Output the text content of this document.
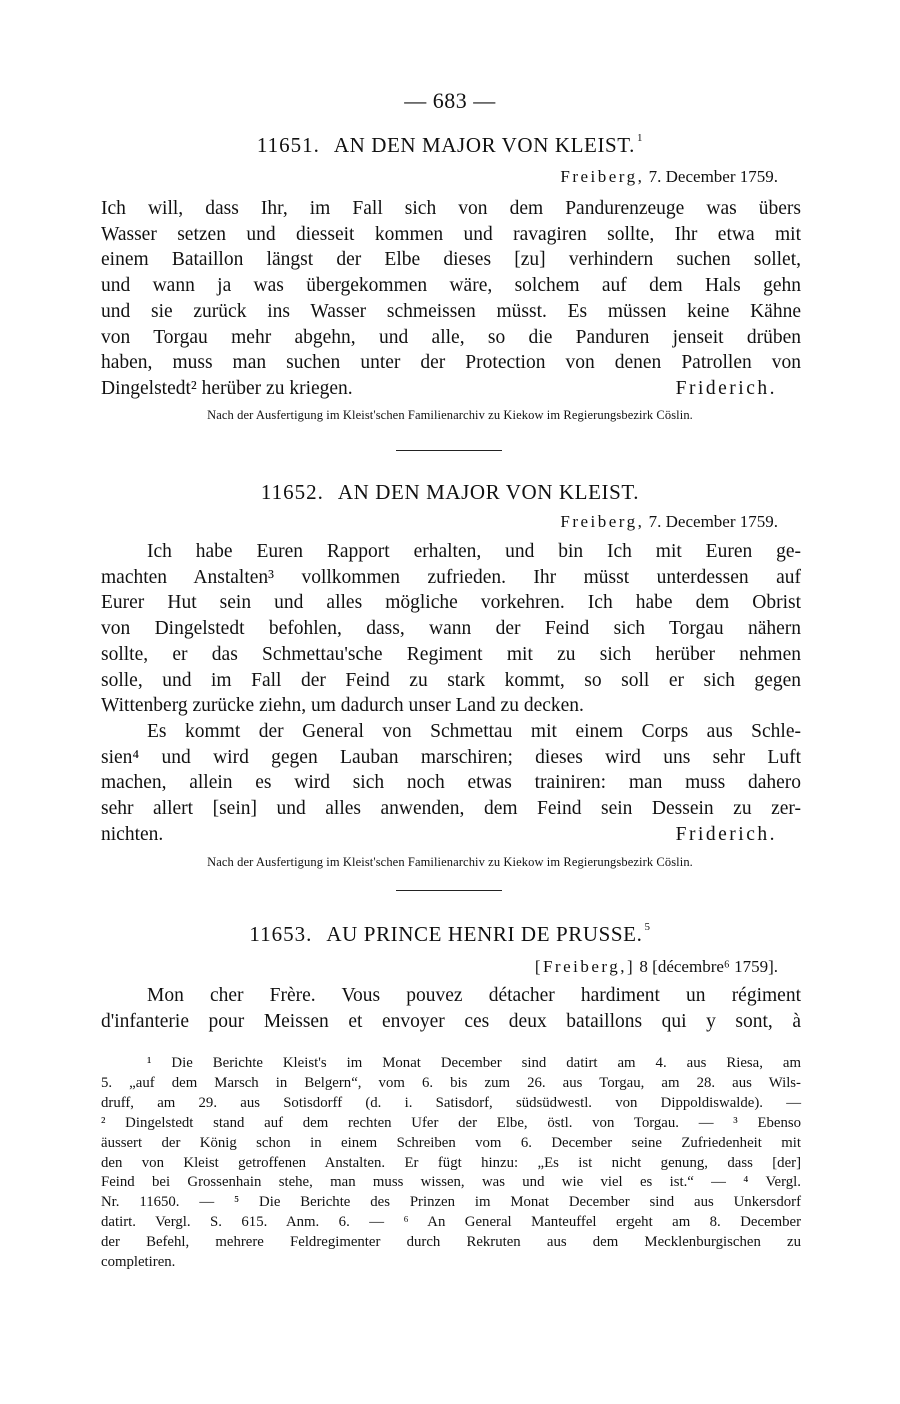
— 683 —
11651. AN DEN MAJOR VON KLEIST. $^1$
Freiberg, 7. December 1759.
Ich will, dass Ihr, im Fall sich von dem Pandurenzeuge was übers
Wasser setzen und diesseit kommen und ravagiren sollte, Ihr etwa mit
einem Bataillon längst der Elbe dieses [zu] verhindern suchen sollet,
und wann ja was übergekommen wäre, solchem auf dem Hals gehn
und sie zurück ins Wasser schmeissen müsst. Es müssen keine Kähne
von Torgau mehr abgehn, und alle, so die Panduren jenseit drüben
haben, muss man suchen unter der Protection von denen Patrollen von
Dingelstedt² herüber zu kriegen.	Friderich.
Nach der Ausfertigung im Kleist'schen Familienarchiv zu Kiekow im Regierungsbezirk Cöslin.
11652. AN DEN MAJOR VON KLEIST.
Freiberg, 7. December 1759.
Ich habe Euren Rapport erhalten, und bin Ich mit Euren ge-
machten Anstalten³ vollkommen zufrieden. Ihr müsst unterdessen auf
Eurer Hut sein und alles mögliche vorkehren. Ich habe dem Obrist
von Dingelstedt befohlen, dass, wann der Feind sich Torgau nähern
sollte, er das Schmettau'sche Regiment mit zu sich herüber nehmen
solle, und im Fall der Feind zu stark kommt, so soll er sich gegen
Wittenberg zurücke ziehn, um dadurch unser Land zu decken.
Es kommt der General von Schmettau mit einem Corps aus Schle-
sien⁴ und wird gegen Lauban marschiren; dieses wird uns sehr Luft
machen, allein es wird sich noch etwas trainiren: man muss dahero
sehr allert [sein] und alles anwenden, dem Feind sein Dessein zu zer-
nichten.	Friderich.
Nach der Ausfertigung im Kleist'schen Familienarchiv zu Kiekow im Regierungsbezirk Cöslin.
11653. AU PRINCE HENRI DE PRUSSE. $^5$
[Freiberg,] 8 [décembre⁶ 1759].
Mon cher Frère. Vous pouvez détacher hardiment un régiment
d'infanterie pour Meissen et envoyer ces deux bataillons qui y sont, à
¹ Die Berichte Kleist's im Monat December sind datirt am 4. aus Riesa, am
5. „auf dem Marsch in Belgern“, vom 6. bis zum 26. aus Torgau, am 28. aus Wils-
druff, am 29. aus Sotisdorff (d. i. Satisdorf, südsüdwestl. von Dippoldiswalde). —
² Dingelstedt stand auf dem rechten Ufer der Elbe, östl. von Torgau. — ³ Ebenso
äussert der König schon in einem Schreiben vom 6. December seine Zufriedenheit mit
den von Kleist getroffenen Anstalten. Er fügt hinzu: „Es ist nicht genung, dass [der]
Feind bei Grossenhain stehe, man muss wissen, was und wie viel es ist.“ — ⁴ Vergl.
Nr. 11650. — ⁵ Die Berichte des Prinzen im Monat December sind aus Unkersdorf
datirt. Vergl. S. 615. Anm. 6. — ⁶ An General Manteuffel ergeht am 8. December
der Befehl, mehrere Feldregimenter durch Rekruten aus dem Mecklenburgischen zu
completiren.
